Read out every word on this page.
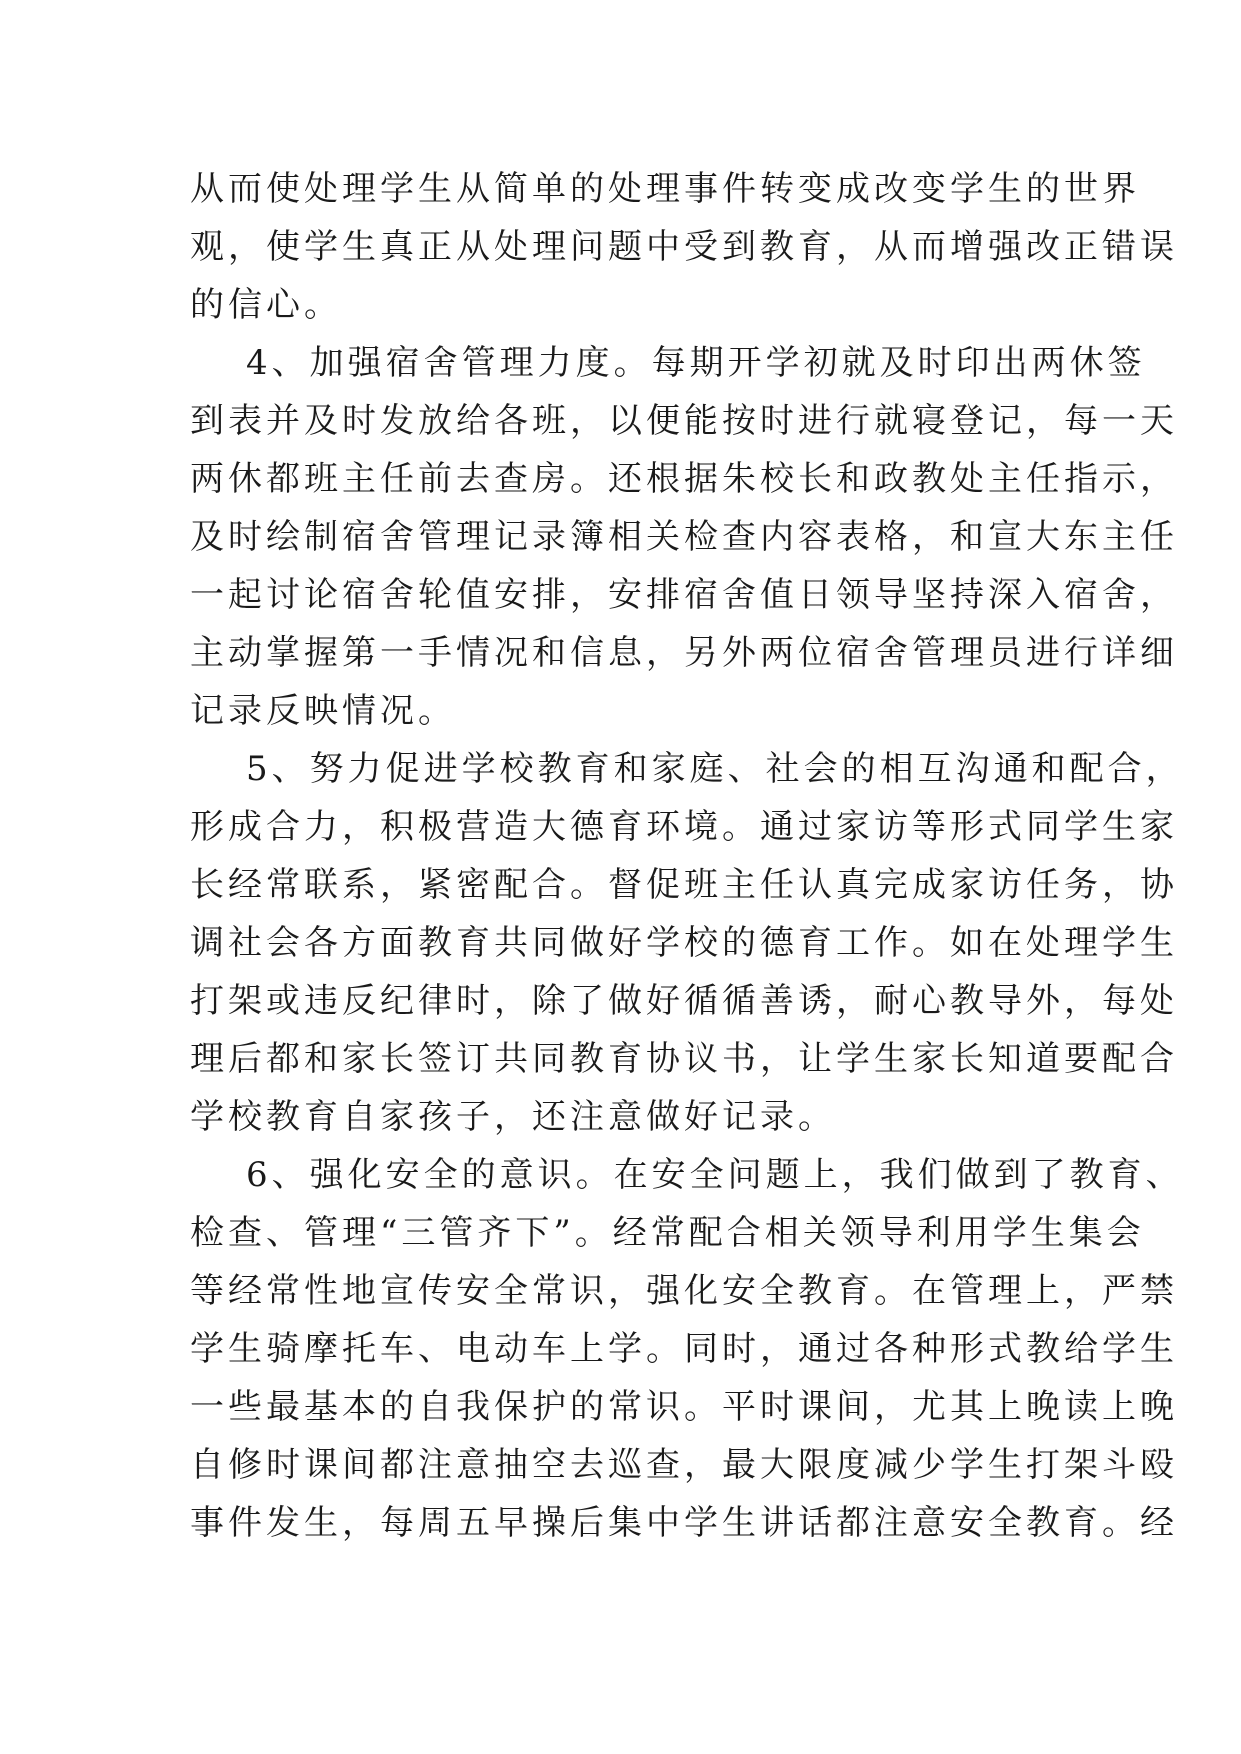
从而使处理学生从简单的处理事件转变成改变学生的世界
观，使学生真正从处理问题中受到教育，从而增强改正错误
的信心。
4、加强宿舍管理力度。每期开学初就及时印出两休签
到表并及时发放给各班，以便能按时进行就寝登记，每一天
两休都班主任前去查房。还根据朱校长和政教处主任指示，
及时绘制宿舍管理记录簿相关检查内容表格，和宣大东主任
一起讨论宿舍轮值安排，安排宿舍值日领导坚持深入宿舍，
主动掌握第一手情况和信息，另外两位宿舍管理员进行详细
记录反映情况。
5、努力促进学校教育和家庭、社会的相互沟通和配合，
形成合力，积极营造大德育环境。通过家访等形式同学生家
长经常联系，紧密配合。督促班主任认真完成家访任务，协
调社会各方面教育共同做好学校的德育工作。如在处理学生
打架或违反纪律时，除了做好循循善诱，耐心教导外，每处
理后都和家长签订共同教育协议书，让学生家长知道要配合
学校教育自家孩子，还注意做好记录。
6、强化安全的意识。在安全问题上，我们做到了教育、
检查、管理“三管齐下”。经常配合相关领导利用学生集会
等经常性地宣传安全常识，强化安全教育。在管理上，严禁
学生骑摩托车、电动车上学。同时，通过各种形式教给学生
一些最基本的自我保护的常识。平时课间，尤其上晚读上晚
自修时课间都注意抽空去巡查，最大限度减少学生打架斗殴
事件发生，每周五早操后集中学生讲话都注意安全教育。经
